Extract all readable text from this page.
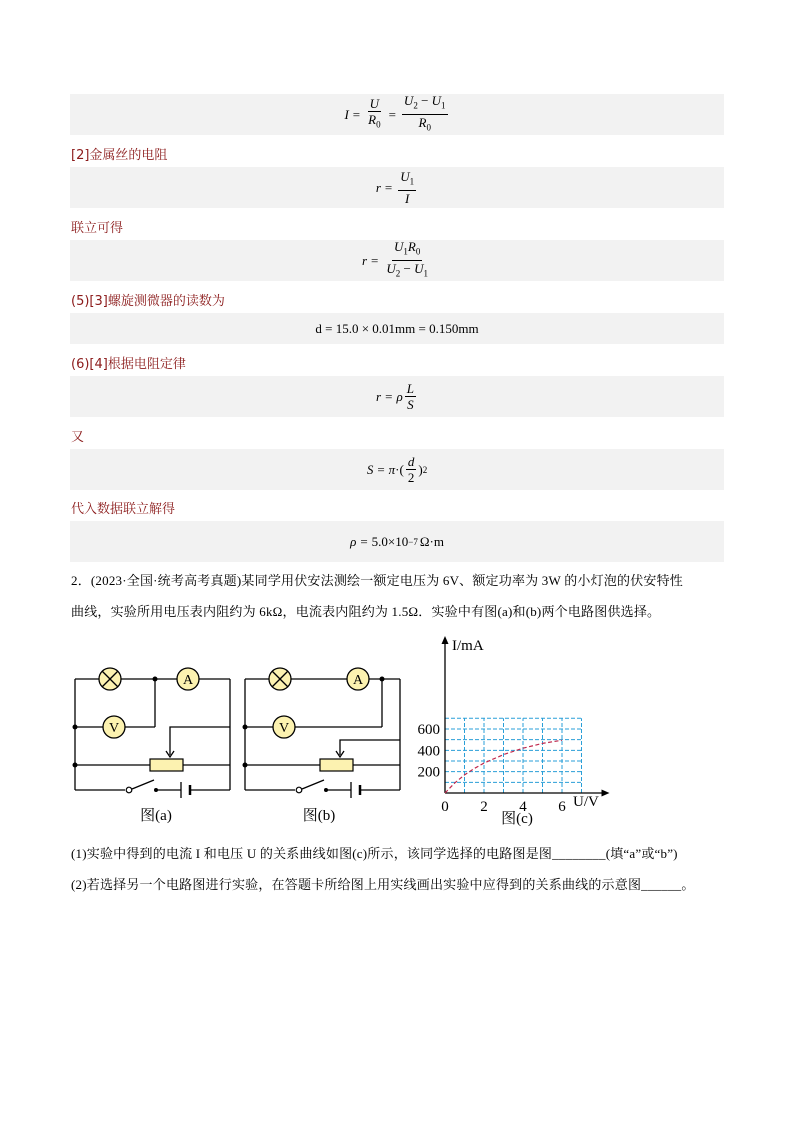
$I = \frac{U}{R_0} = \frac{U_2 - U_1}{R_0}$
[2]金属丝的电阻
$r = \frac{U_1}{I}$
联立可得
$r = \frac{U_1R_0}{U_2 - U_1}$
(5)[3]螺旋测微器的读数为
d = 15.0 × 0.01mm = 0.150mm
(6)[4]根据电阻定律
r = ρ $\frac{L}{S}$
又
S = π ·( $\frac{d}{2}$ ) 2
代入数据联立解得
ρ = 5.0×10 −7 Ω·m
2．(2023·全国·统考高考真题)某同学用伏安法测绘一额定电压为 6V、额定功率为 3W 的小灯泡的伏安特性
曲线，实验所用电压表内阻约为 6kΩ，电流表内阻约为 1.5Ω．实验中有图(a)和(b)两个电路图供选择。
A
V
图(a)
A
V
图(b)
200
400
600
0 2 4 6
I/mA
U/V
图(c)
(1)实验中得到的电流 I 和电压 U 的关系曲线如图(c)所示，该同学选择的电路图是图________(填“a”或“b”)
(2)若选择另一个电路图进行实验，在答题卡所给图上用实线画出实验中应得到的关系曲线的示意图______。
